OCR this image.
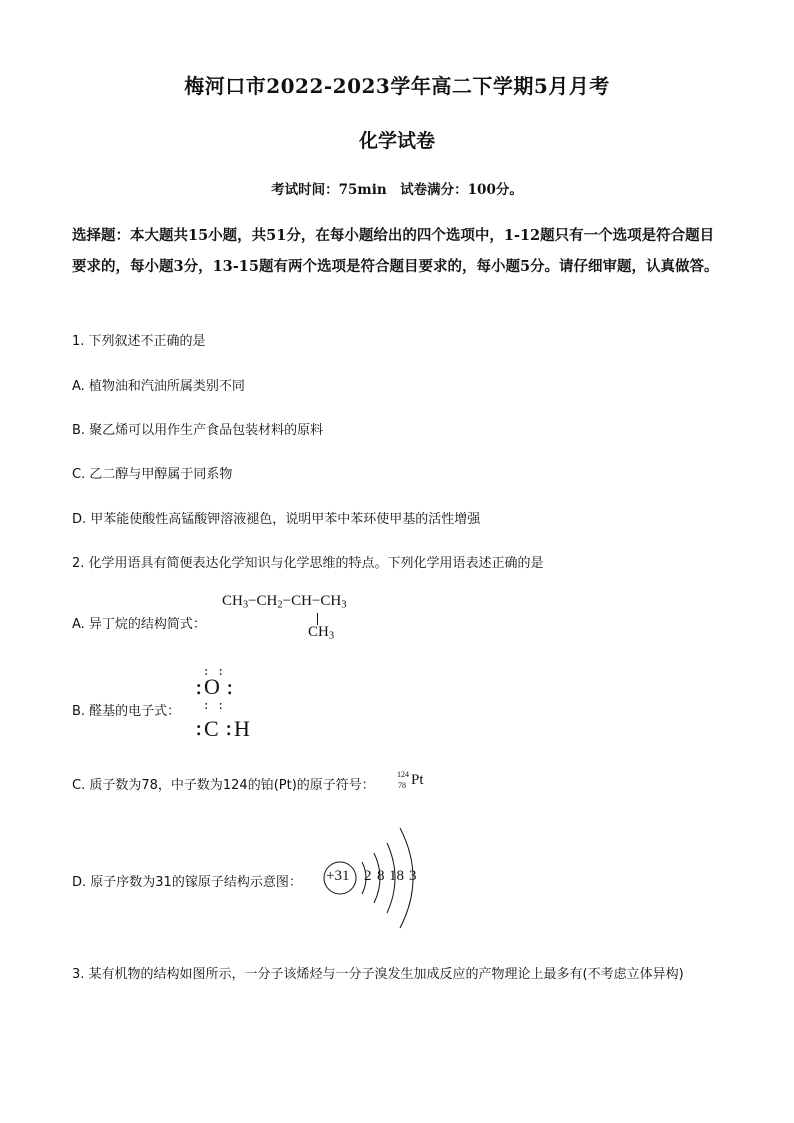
梅河口市2022-2023学年高二下学期5月月考
化学试卷
考试时间：75min　试卷满分：100分。
选择题：本大题共15小题，共51分，在每小题给出的四个选项中，1-12题只有一个选项是符合题目要求的，每小题3分，13-15题有两个选项是符合题目要求的，每小题5分。请仔细审题，认真做答。
1. 下列叙述不正确的是
A. 植物油和汽油所属类别不同
B. 聚乙烯可以用作生产食品包装材料的原料
C. 乙二醇与甲醇属于同系物
D. 甲苯能使酸性高锰酸钾溶液褪色，说明甲苯中苯环使甲基的活性增强
2. 化学用语具有简便表达化学知识与化学思维的特点。下列化学用语表述正确的是
A. 异丁烷的结构简式：
$CH_3-CH_2-CH-CH_3$
$CH_3$
B. 醛基的电子式：
: :
: O :
: :
: C : H
C. 质子数为78，中子数为124的铂(Pt)的原子符号：
124
78 Pt
D. 原子序数为31的镓原子结构示意图： +31 2 8 18 3
3. 某有机物的结构如图所示，一分子该烯烃与一分子溴发生加成反应的产物理论上最多有(不考虑立体异构)
